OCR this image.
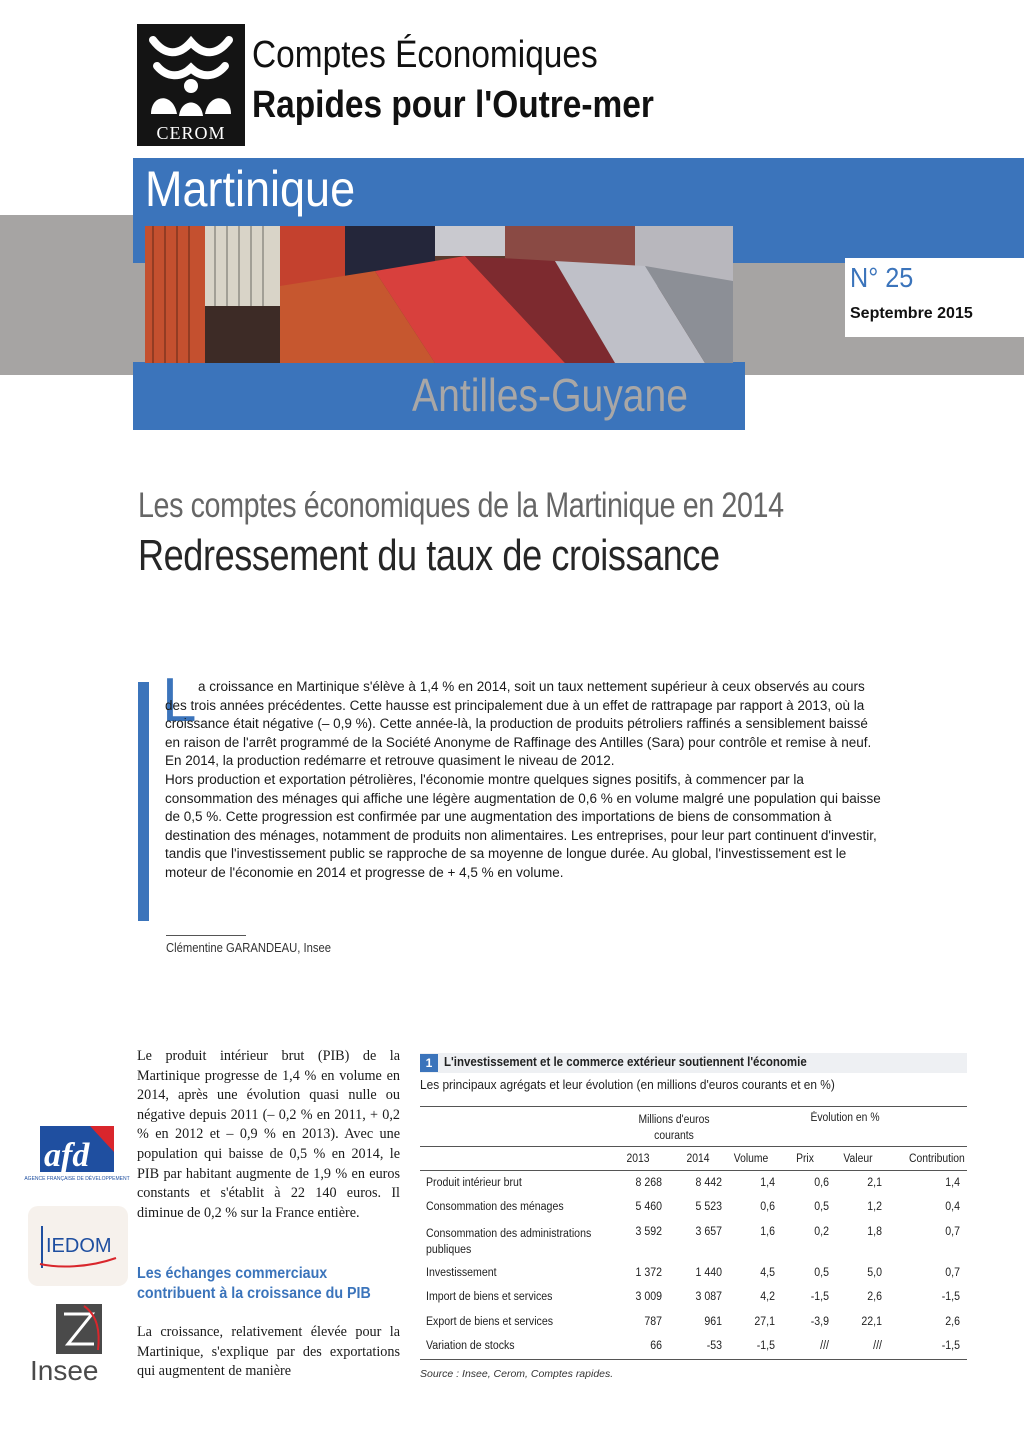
CEROM
Comptes Économiques
Rapides pour l'Outre-mer
Martinique
Antilles-Guyane
N° 25
Septembre 2015
Les comptes économiques de la Martinique en 2014
Redressement du taux de croissance
L a croissance en Martinique s'élève à 1,4 % en 2014, soit un taux nettement supérieur à ceux observés au cours des trois années précédentes. Cette hausse est principalement due à un effet de rattrapage par rapport à 2013, où la croissance était négative (– 0,9 %). Cette année-là, la production de produits pétroliers raffinés a sensiblement baissé en raison de l'arrêt programmé de la Société Anonyme de Raffinage des Antilles (Sara) pour contrôle et remise à neuf. En 2014, la production redémarre et retrouve quasiment le niveau de 2012.

Hors production et exportation pétrolières, l'économie montre quelques signes positifs, à commencer par la consommation des ménages qui affiche une légère augmentation de 0,6 % en volume malgré une population qui baisse de 0,5 %. Cette progression est confirmée par une augmentation des importations de biens de consommation à destination des ménages, notamment de produits non alimentaires. Les entreprises, pour leur part continuent d'investir, tandis que l'investissement public se rapproche de sa moyenne de longue durée. Au global, l'investissement est le moteur de l'économie en 2014 et progresse de + 4,5 % en volume.

Clémentine GARANDEAU, Insee
afd
AGENCE FRANÇAISE DE DÉVELOPPEMENT
IEDOM
Insee

Le produit intérieur brut (PIB) de la Martinique progresse de 1,4 % en volume en 2014, après une évolution quasi nulle ou négative depuis 2011 (– 0,2 % en 2011, + 0,2 % en 2012 et – 0,9 % en 2013). Avec une population qui baisse de 0,5 % en 2014, le PIB par habitant augmente de 1,9 % en euros constants et s'établit à 22 140 euros. Il diminue de 0,2 % sur la France entière.

Les échanges commerciaux contribuent à la croissance du PIB

La croissance, relativement élevée pour la Martinique, s'explique par des exportations qui augmentent de manière

1 L'investissement et le commerce extérieur soutiennent l'économie
Les principaux agrégats et leur évolution (en millions d'euros courants et en %)
Millions d'euros courants
Évolution en %
2013	2014	Volume	Prix	Valeur	Contribution
Produit intérieur brut	8 268	8 442	1,4	0,6	2,1	1,4
Consommation des ménages	5 460	5 523	0,6	0,5	1,2	0,4
Consommation des administrations publiques
3 592	3 657	1,6	0,2	1,8	0,7
Investissement	1 372	1 440	4,5	0,5	5,0	0,7
Import de biens et services	3 009	3 087	4,2	-1,5	2,6	-1,5
Export de biens et services	787	961	27,1	-3,9	22,1	2,6
Variation de stocks	66	-53	-1,5	///	///	-1,5
Source : Insee, Cerom, Comptes rapides.
